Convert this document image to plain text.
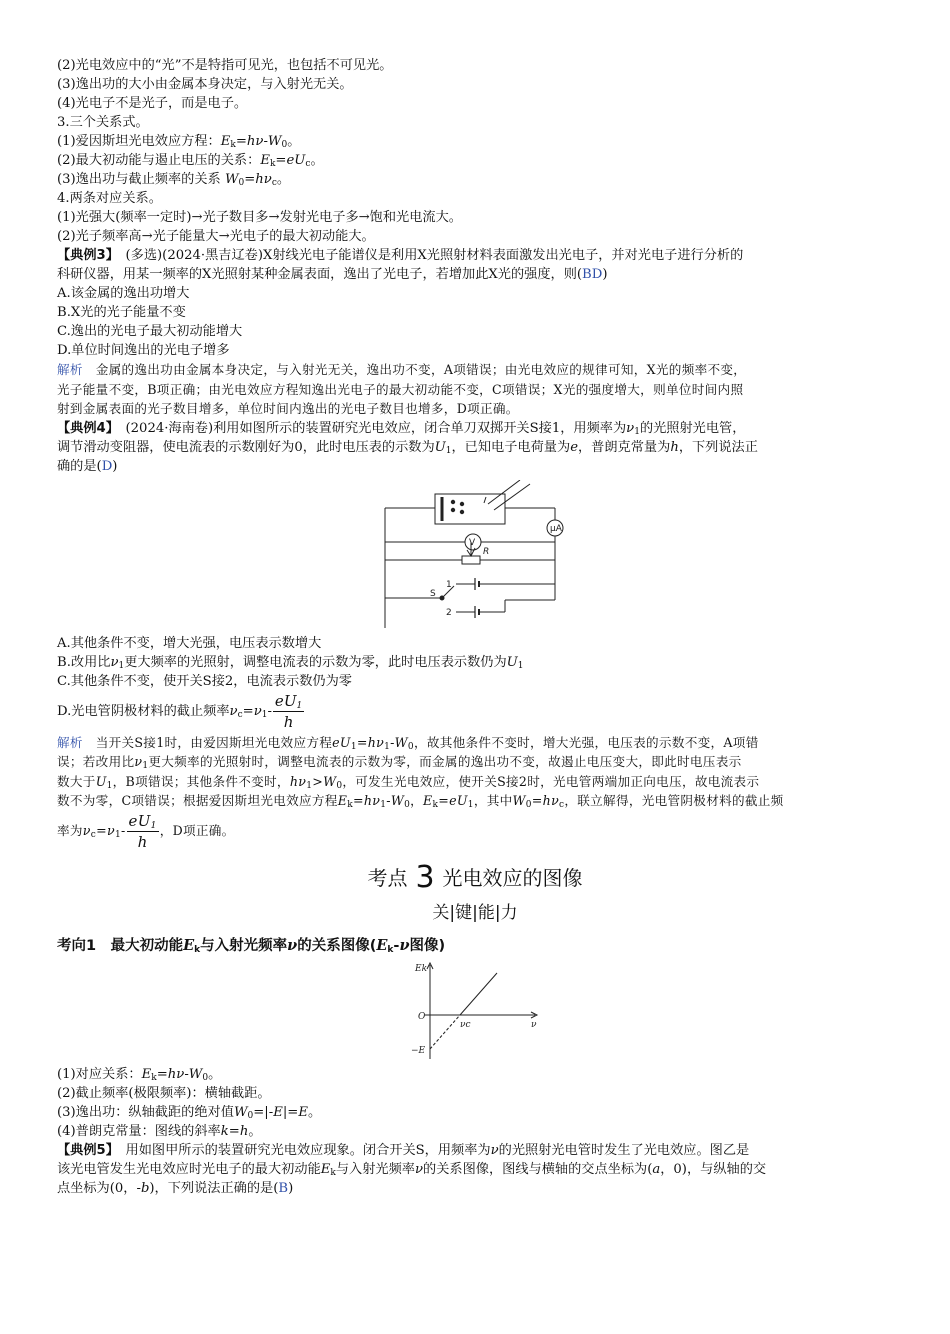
(2)光电效应中的“光”不是特指可见光，也包括不可见光。
(3)逸出功的大小由金属本身决定，与入射光无关。
(4)光电子不是光子，而是电子。
3.三个关系式。
(1)爱因斯坦光电效应方程：$E_k=h\nu-W_0$。
(2)最大初动能与遏止电压的关系：$E_k=eU_c$。
(3)逸出功与截止频率的关系 $W_0=h\nu_c$。
4.两条对应关系。
(1)光强大(频率一定时)→光子数目多→发射光电子多→饱和光电流大。
(2)光子频率高→光子能量大→光电子的最大初动能大。
【典例3】　 (多选)(2024·黑吉辽卷)X射线光电子能谱仪是利用X光照射材料表面激发出光电子，并对光电子进行分析的
科研仪器，用某一频率的X光照射某种金属表面，逸出了光电子，若增加此X光的强度，则(BD)
A.该金属的逸出功增大
B.X光的光子能量不变
C.逸出的光电子最大初动能增大
D.单位时间逸出的光电子增多
解析　 金属的逸出功由金属本身决定，与入射光无关，逸出功不变，A项错误；由光电效应的规律可知，X光的频率不变，
光子能量不变，B项正确；由光电效应方程知逸出光电子的最大初动能不变，C项错误；X光的强度增大，则单位时间内照
射到金属表面的光子数目增多，单位时间内逸出的光电子数目也增多，D项正确。
【典例4】　 (2024·海南卷)利用如图所示的装置研究光电效应，闭合单刀双掷开关S接1，用频率为$\nu_1$的光照射光电管，
调节滑动变阻器，使电流表的示数刚好为0，此时电压表的示数为$U_1$，已知电子电荷量为e，普朗克常量为h，下列说法正
确的是(D)
μA
V
R
S
1
2
A.其他条件不变，增大光强，电压表示数增大
B.改用比$\nu_1$更大频率的光照射，调整电流表的示数为零，此时电压表示数仍为$U_1$
C.其他条件不变，使开关S接2，电流表示数仍为零
D.光电管阴极材料的截止频率$\nu_c=\nu_1- \frac{eU_1}{h}$
解析　 当开关S接1时，由爱因斯坦光电效应方程$eU_1=h\nu_1-W_0$，故其他条件不变时，增大光强，电压表的示数不变，A项错
误；若改用比$\nu_1$更大频率的光照射时，调整电流表的示数为零，而金属的逸出功不变，故遏止电压变大，即此时电压表示
数大于$U_1$，B项错误；其他条件不变时，$h\nu_1>W_0$，可发生光电效应，使开关S接2时，光电管两端加正向电压，故电流表示
数不为零，C项错误；根据爱因斯坦光电效应方程$E_k=h\nu_1-W_0$，$E_k=eU_1$，其中$W_0=h\nu_c$，联立解得，光电管阴极材料的截止频
率为$\nu_c=\nu_1- \frac{eU_1}{h}$ ，D项正确。
考点 3 光电效应的图像
关|键|能|力
考向1　最大初动能$E_k$与入射光频率ν的关系图像($E_k-\nu$图像)
Ek
ν
O
−E
νc
(1)对应关系：$E_k=h\nu-W_0$。
(2)截止频率(极限频率)：横轴截距。
(3)逸出功：纵轴截距的绝对值$W_0=|-E|=E$。
(4)普朗克常量：图线的斜率k=h。
【典例5】　 用如图甲所示的装置研究光电效应现象。闭合开关S，用频率为ν的光照射光电管时发生了光电效应。图乙是
该光电管发生光电效应时光电子的最大初动能$E_k$与入射光频率ν的关系图像，图线与横轴的交点坐标为(a，0)，与纵轴的交
点坐标为(0，-b)，下列说法正确的是(B)
